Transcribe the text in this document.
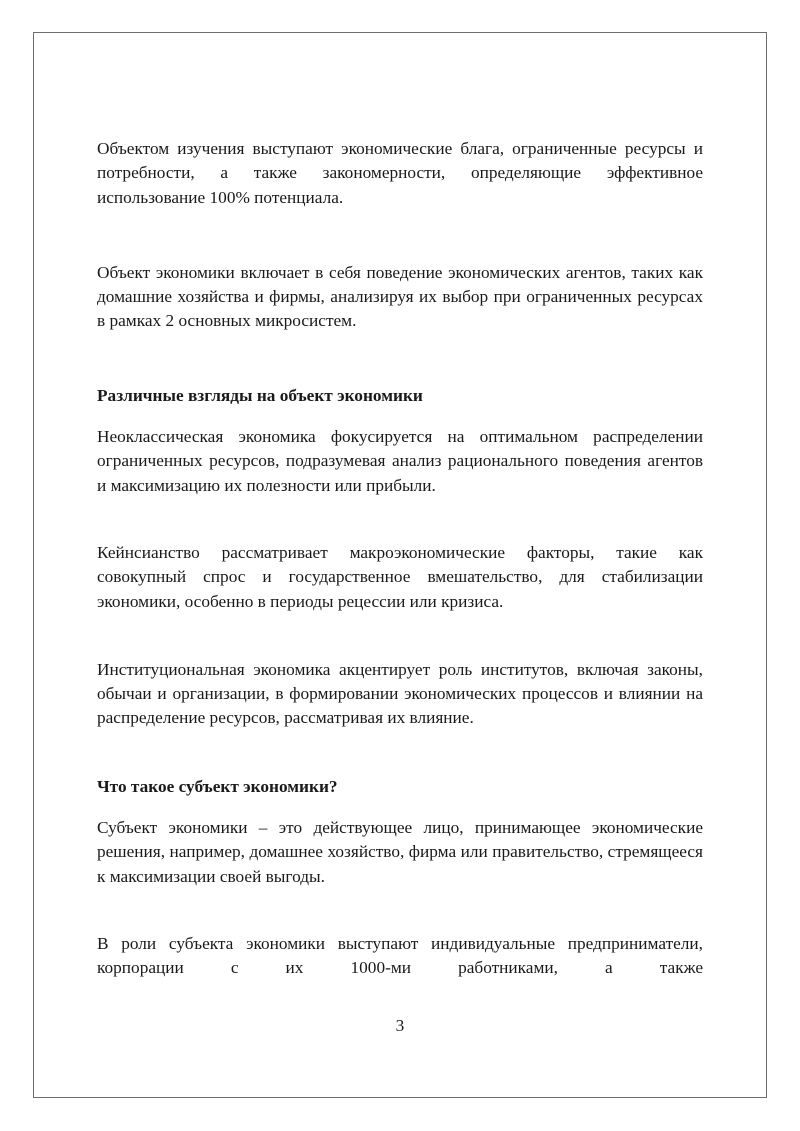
Объектом изучения выступают экономические блага, ограниченные ресурсы и потребности, а также закономерности, определяющие эффективное использование 100% потенциала.

Объект экономики включает в себя поведение экономических агентов, таких как домашние хозяйства и фирмы, анализируя их выбор при ограниченных ресурсах в рамках 2 основных микросистем.

Различные взгляды на объект экономики

Неоклассическая экономика фокусируется на оптимальном распределении ограниченных ресурсов, подразумевая анализ рационального поведения агентов и максимизацию их полезности или прибыли.

Кейнсианство рассматривает макроэкономические факторы, такие как совокупный спрос и государственное вмешательство, для стабилизации экономики, особенно в периоды рецессии или кризиса.

Институциональная экономика акцентирует роль институтов, включая законы, обычаи и организации, в формировании экономических процессов и влиянии на распределение ресурсов, рассматривая их влияние.

Что такое субъект экономики?

Субъект экономики – это действующее лицо, принимающее экономические решения, например, домашнее хозяйство, фирма или правительство, стремящееся к максимизации своей выгоды.

В роли субъекта экономики выступают индивидуальные предприниматели, корпорации с их 1000-ми работниками, а также

3
